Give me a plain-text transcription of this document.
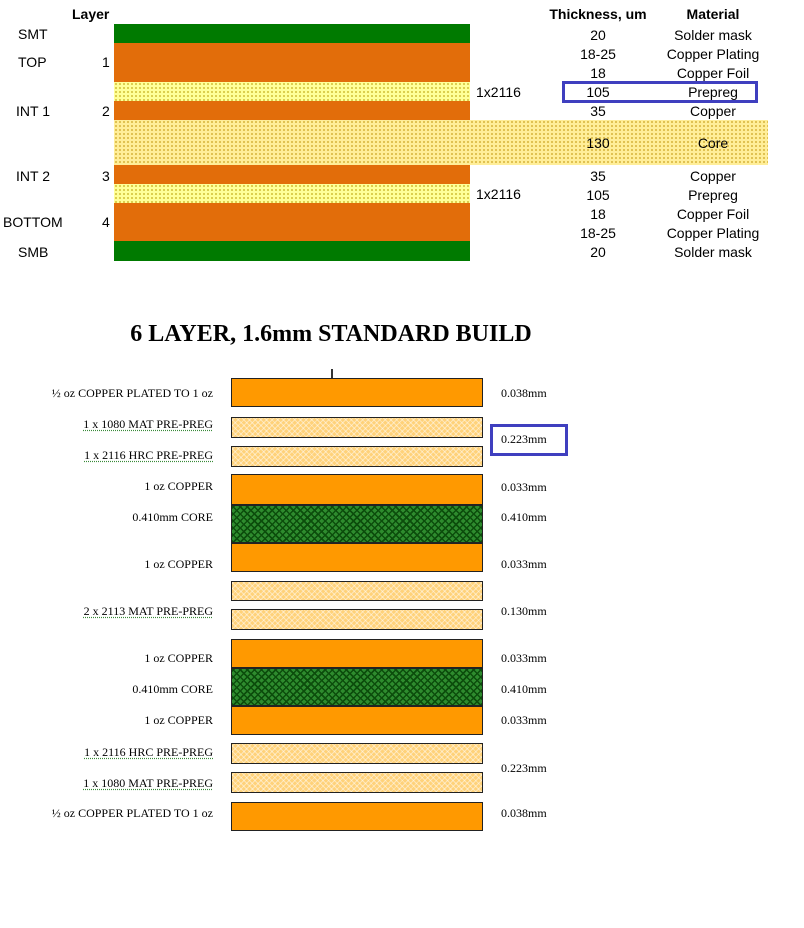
Layer	Thickness, um	Material
SMT
TOP
INT 1
INT 2
BOTTOM
SMB
1
2
3
4
1x2116
1x2116
20
18-25
18
105
35
130
35
105
18
18-25
20
Solder mask
Copper Plating
Copper Foil
Prepreg
Copper
Core
Copper
Prepreg
Copper Foil
Copper Plating
Solder mask
6 LAYER, 1.6mm STANDARD BUILD
½ oz COPPER PLATED TO 1 oz
1 x 1080 MAT PRE-PREG
1 x 2116 HRC PRE-PREG
1 oz COPPER
0.410mm CORE
1 oz COPPER
2 x 2113 MAT PRE-PREG
1 oz COPPER
0.410mm CORE
1 oz COPPER
1 x 2116 HRC PRE-PREG
1 x 1080 MAT PRE-PREG
½ oz COPPER PLATED TO 1 oz
0.038mm
0.223mm
0.033mm
0.410mm
0.033mm
0.130mm
0.033mm
0.410mm
0.033mm
0.223mm
0.038mm
